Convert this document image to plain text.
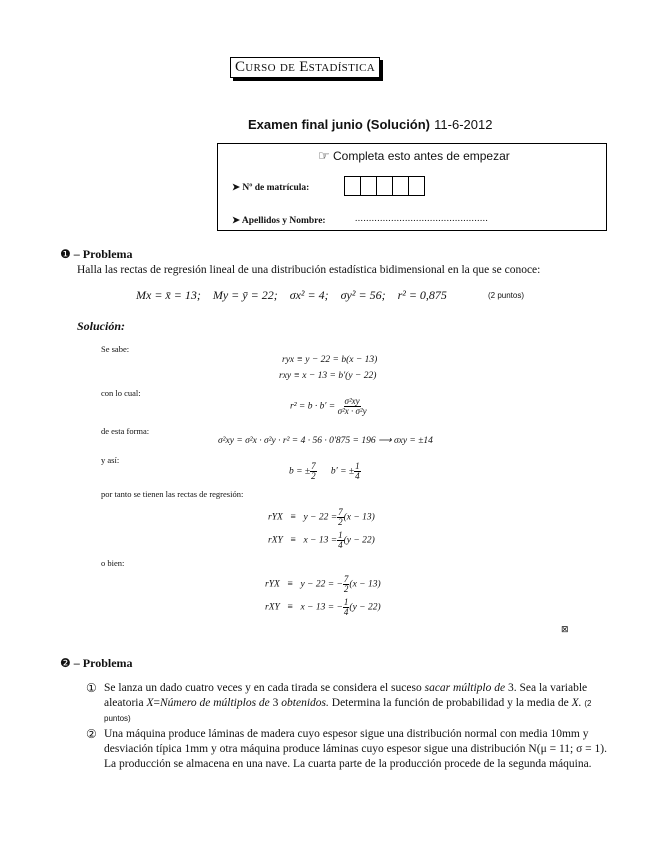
Curso de Estadística
Examen final junio (Solución) 11-6-2012
☞ Completa esto antes de empezar
➤ Nº de matrícula:
➤ Apellidos y Nombre:	................................................
❶ – Problema
Halla las rectas de regresión lineal de una distribución estadística bidimensional en la que se conoce:
Mx = x̄ = 13; My = ȳ = 22; σx² = 4; σy² = 56; r² = 0,875	(2 puntos)
Solución:
Se sabe:
ryx ≡ y − 22 = b(x − 13)
rxy ≡ x − 13 = b′(y − 22)
con lo cual:
$r^2 = b \cdot b' = \frac{\text{σ²xy}}{\text{σ²x · σ²y}}$
de esta forma:
σ²xy = σ²x · σ²y · r² = 4 · 56 · 0′875 = 196 ⟶ σxy = ±14
y así:
b = ± $\frac{7}{2} b'$ = ± $\frac{1}{4}$
por tanto se tienen las rectas de regresión:
rYX ≡ $y - 22 = \frac{7}{2} (x - 13)$
rXY ≡ $x - 13 = \frac{1}{4} (y - 22)$
o bien:
rYX ≡ y − 22 = − $\frac{7}{2} (x - 13)$
rXY ≡ x − 13 = − $\frac{1}{4} (y - 22)$
⊠
❷ – Problema
① Se lanza un dado cuatro veces y en cada tirada se considera el suceso sacar múltiplo de 3. Sea la variable aleatoria X=Número de múltiplos de 3 obtenidos. Determina la función de probabilidad y la media de X. (2 puntos)
② Una máquina produce láminas de madera cuyo espesor sigue una distribución normal con media 10mm y desviación típica 1mm y otra máquina produce láminas cuyo espesor sigue una distribución N(μ = 11; σ = 1). La producción se almacena en una nave. La cuarta parte de la producción procede de la segunda máquina.
